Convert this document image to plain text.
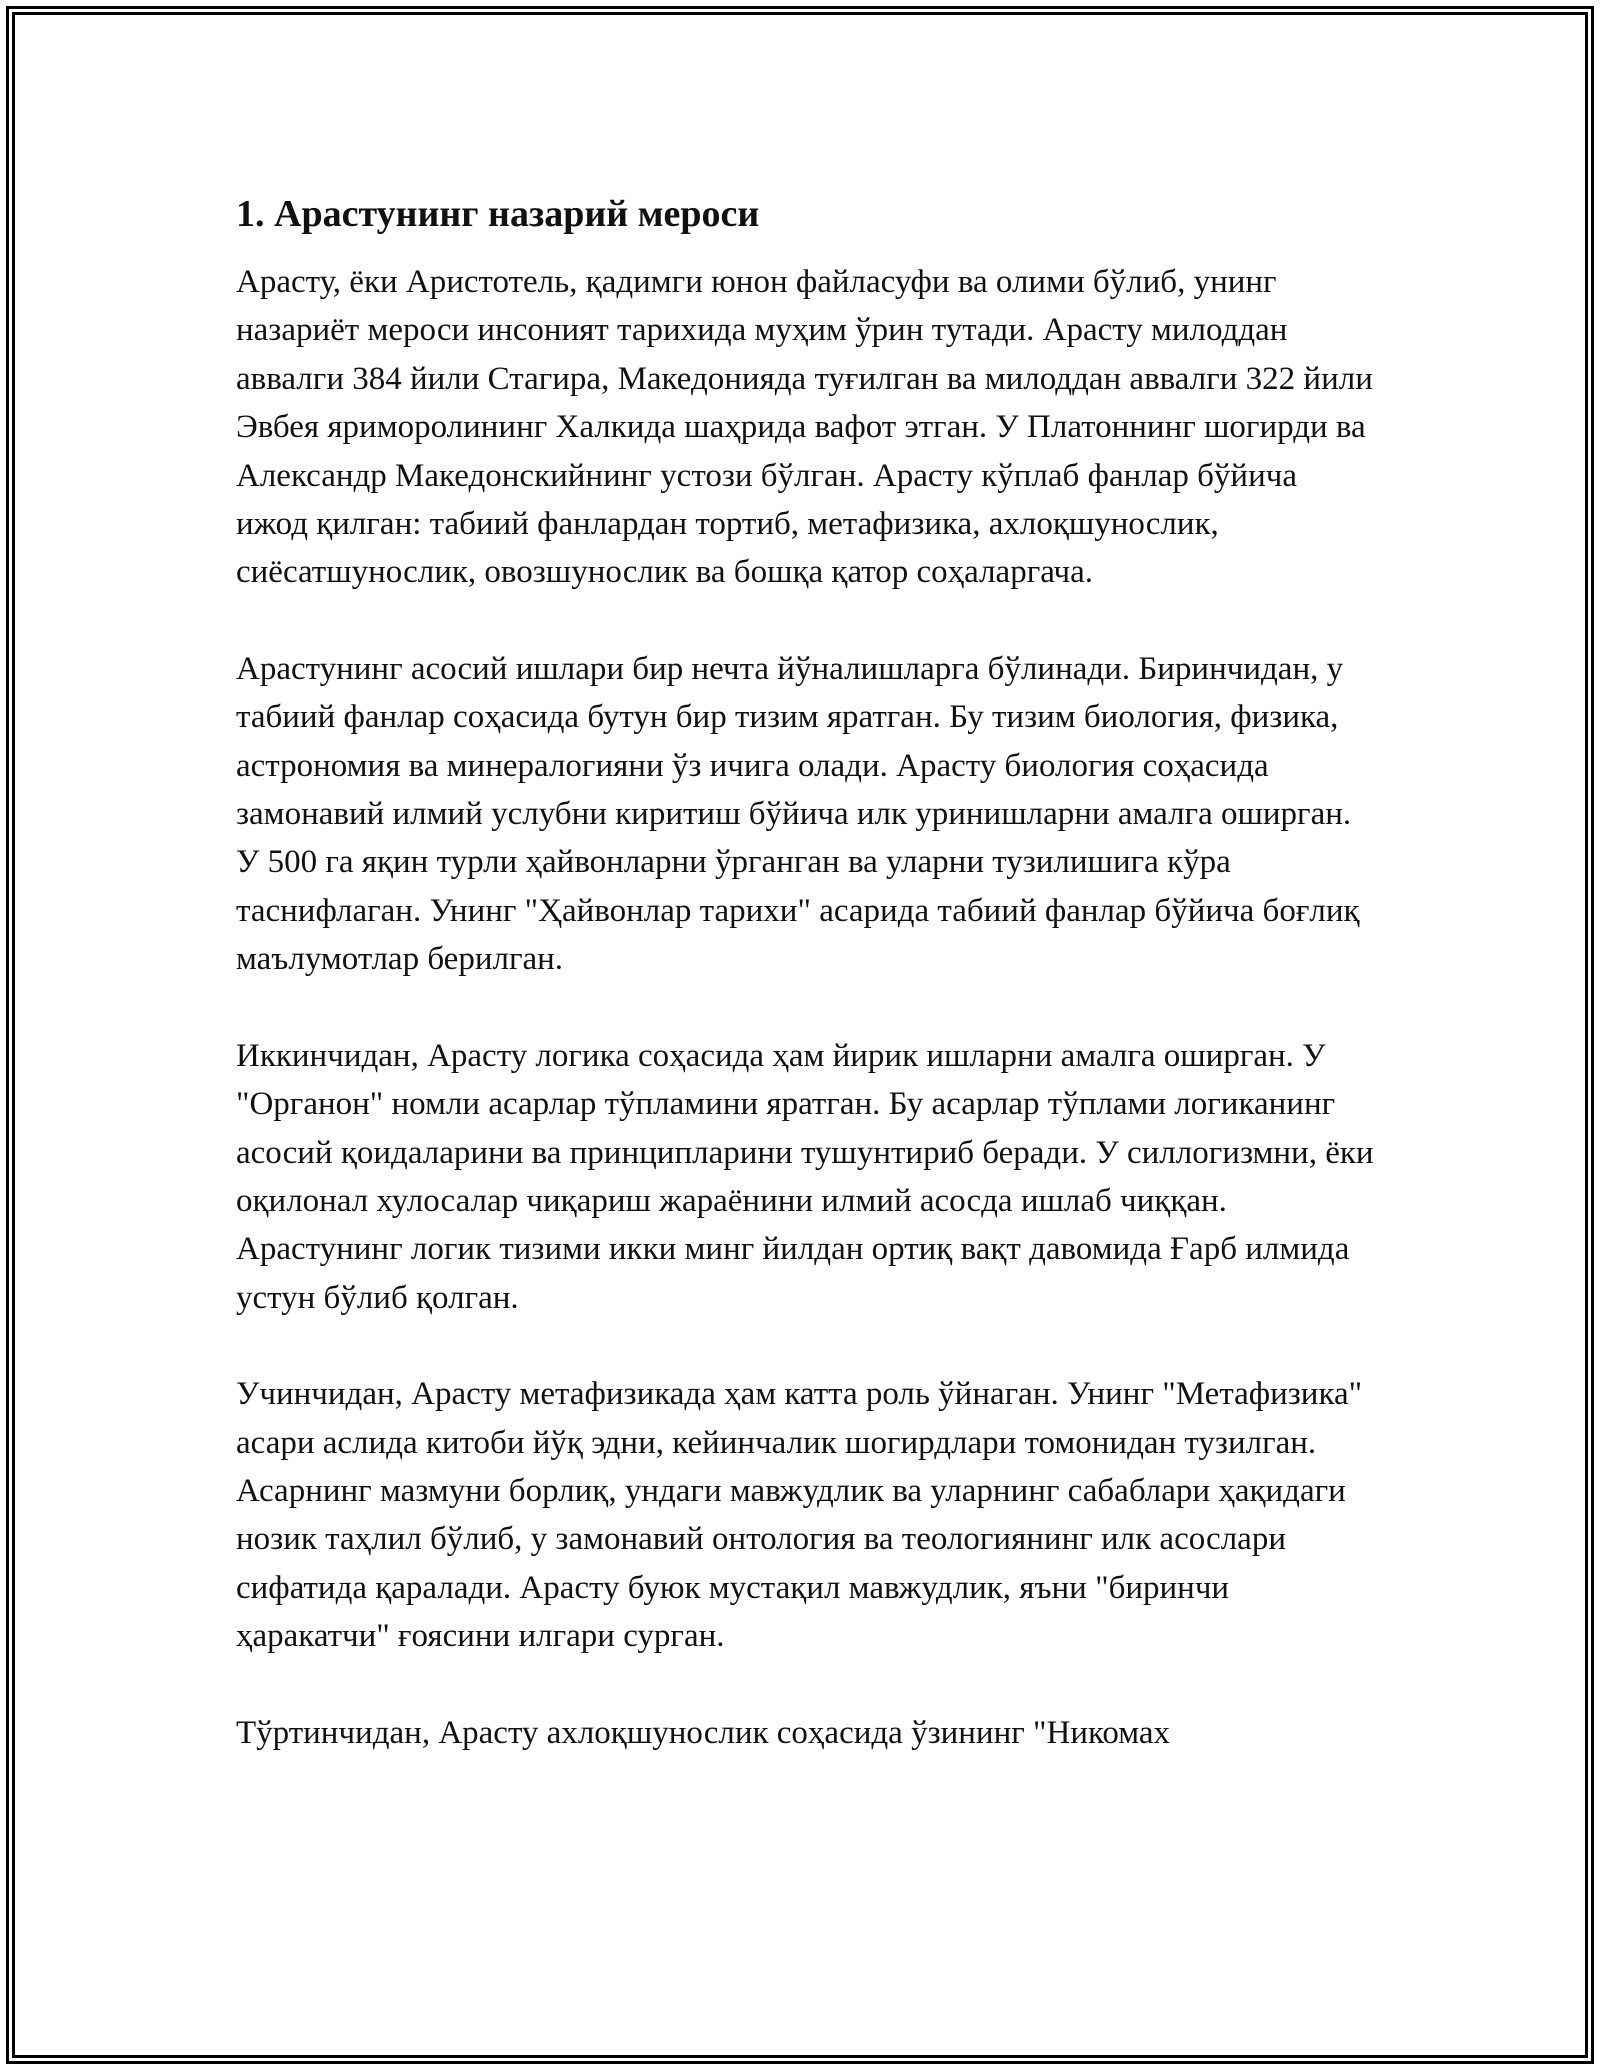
1. Арастунинг назарий мероси

Арасту, ёки Аристотель, қадимги юнон файласуфи ва олими бўлиб, унинг назариёт мероси инсоният тарихида муҳим ўрин тутади. Арасту милоддан аввалги 384 йили Стагира, Македонияда туғилган ва милоддан аввалги 322 йили Эвбея яриморолининг Халкида шаҳрида вафот этган. У Платоннинг шогирди ва Александр Македонскийнинг устози бўлган. Арасту кўплаб фанлар бўйича ижод қилган: табиий фанлардан тортиб, метафизика, ахлоқшунослик, сиёсатшунослик, овозшунослик ва бошқа қатор соҳаларгача.

Арастунинг асосий ишлари бир нечта йўналишларга бўлинади. Биринчидан, у табиий фанлар соҳасида бутун бир тизим яратган. Бу тизим биология, физика, астрономия ва минералогияни ўз ичига олади. Арасту биология соҳасида замонавий илмий услубни киритиш бўйича илк уринишларни амалга оширган. У 500 га яқин турли ҳайвонларни ўрганган ва уларни тузилишига кўра таснифлаган. Унинг "Ҳайвонлар тарихи" асарида табиий фанлар бўйича боғлиқ маълумотлар берилган.

Иккинчидан, Арасту логика соҳасида ҳам йирик ишларни амалга оширган. У "Органон" номли асарлар тўпламини яратган. Бу асарлар тўплами логиканинг асосий қоидаларини ва принципларини тушунтириб беради. У силлогизмни, ёки оқилонал хулосалар чиқариш жараёнини илмий асосда ишлаб чиққан. Арастунинг логик тизими икки минг йилдан ортиқ вақт давомида Ғарб илмида устун бўлиб қолган.

Учинчидан, Арасту метафизикада ҳам катта роль ўйнаган. Унинг "Метафизика" асари аслида китоби йўқ эдни, кейинчалик шогирдлари томонидан тузилган. Асарнинг мазмуни борлиқ, ундаги мавжудлик ва уларнинг сабаблари ҳақидаги нозик таҳлил бўлиб, у замонавий онтология ва теологиянинг илк асослари сифатида қаралади. Арасту буюк мустақил мавжудлик, яъни "биринчи ҳаракатчи" ғоясини илгари сурган.

Тўртинчидан, Арасту ахлоқшунослик соҳасида ўзининг "Никомах
